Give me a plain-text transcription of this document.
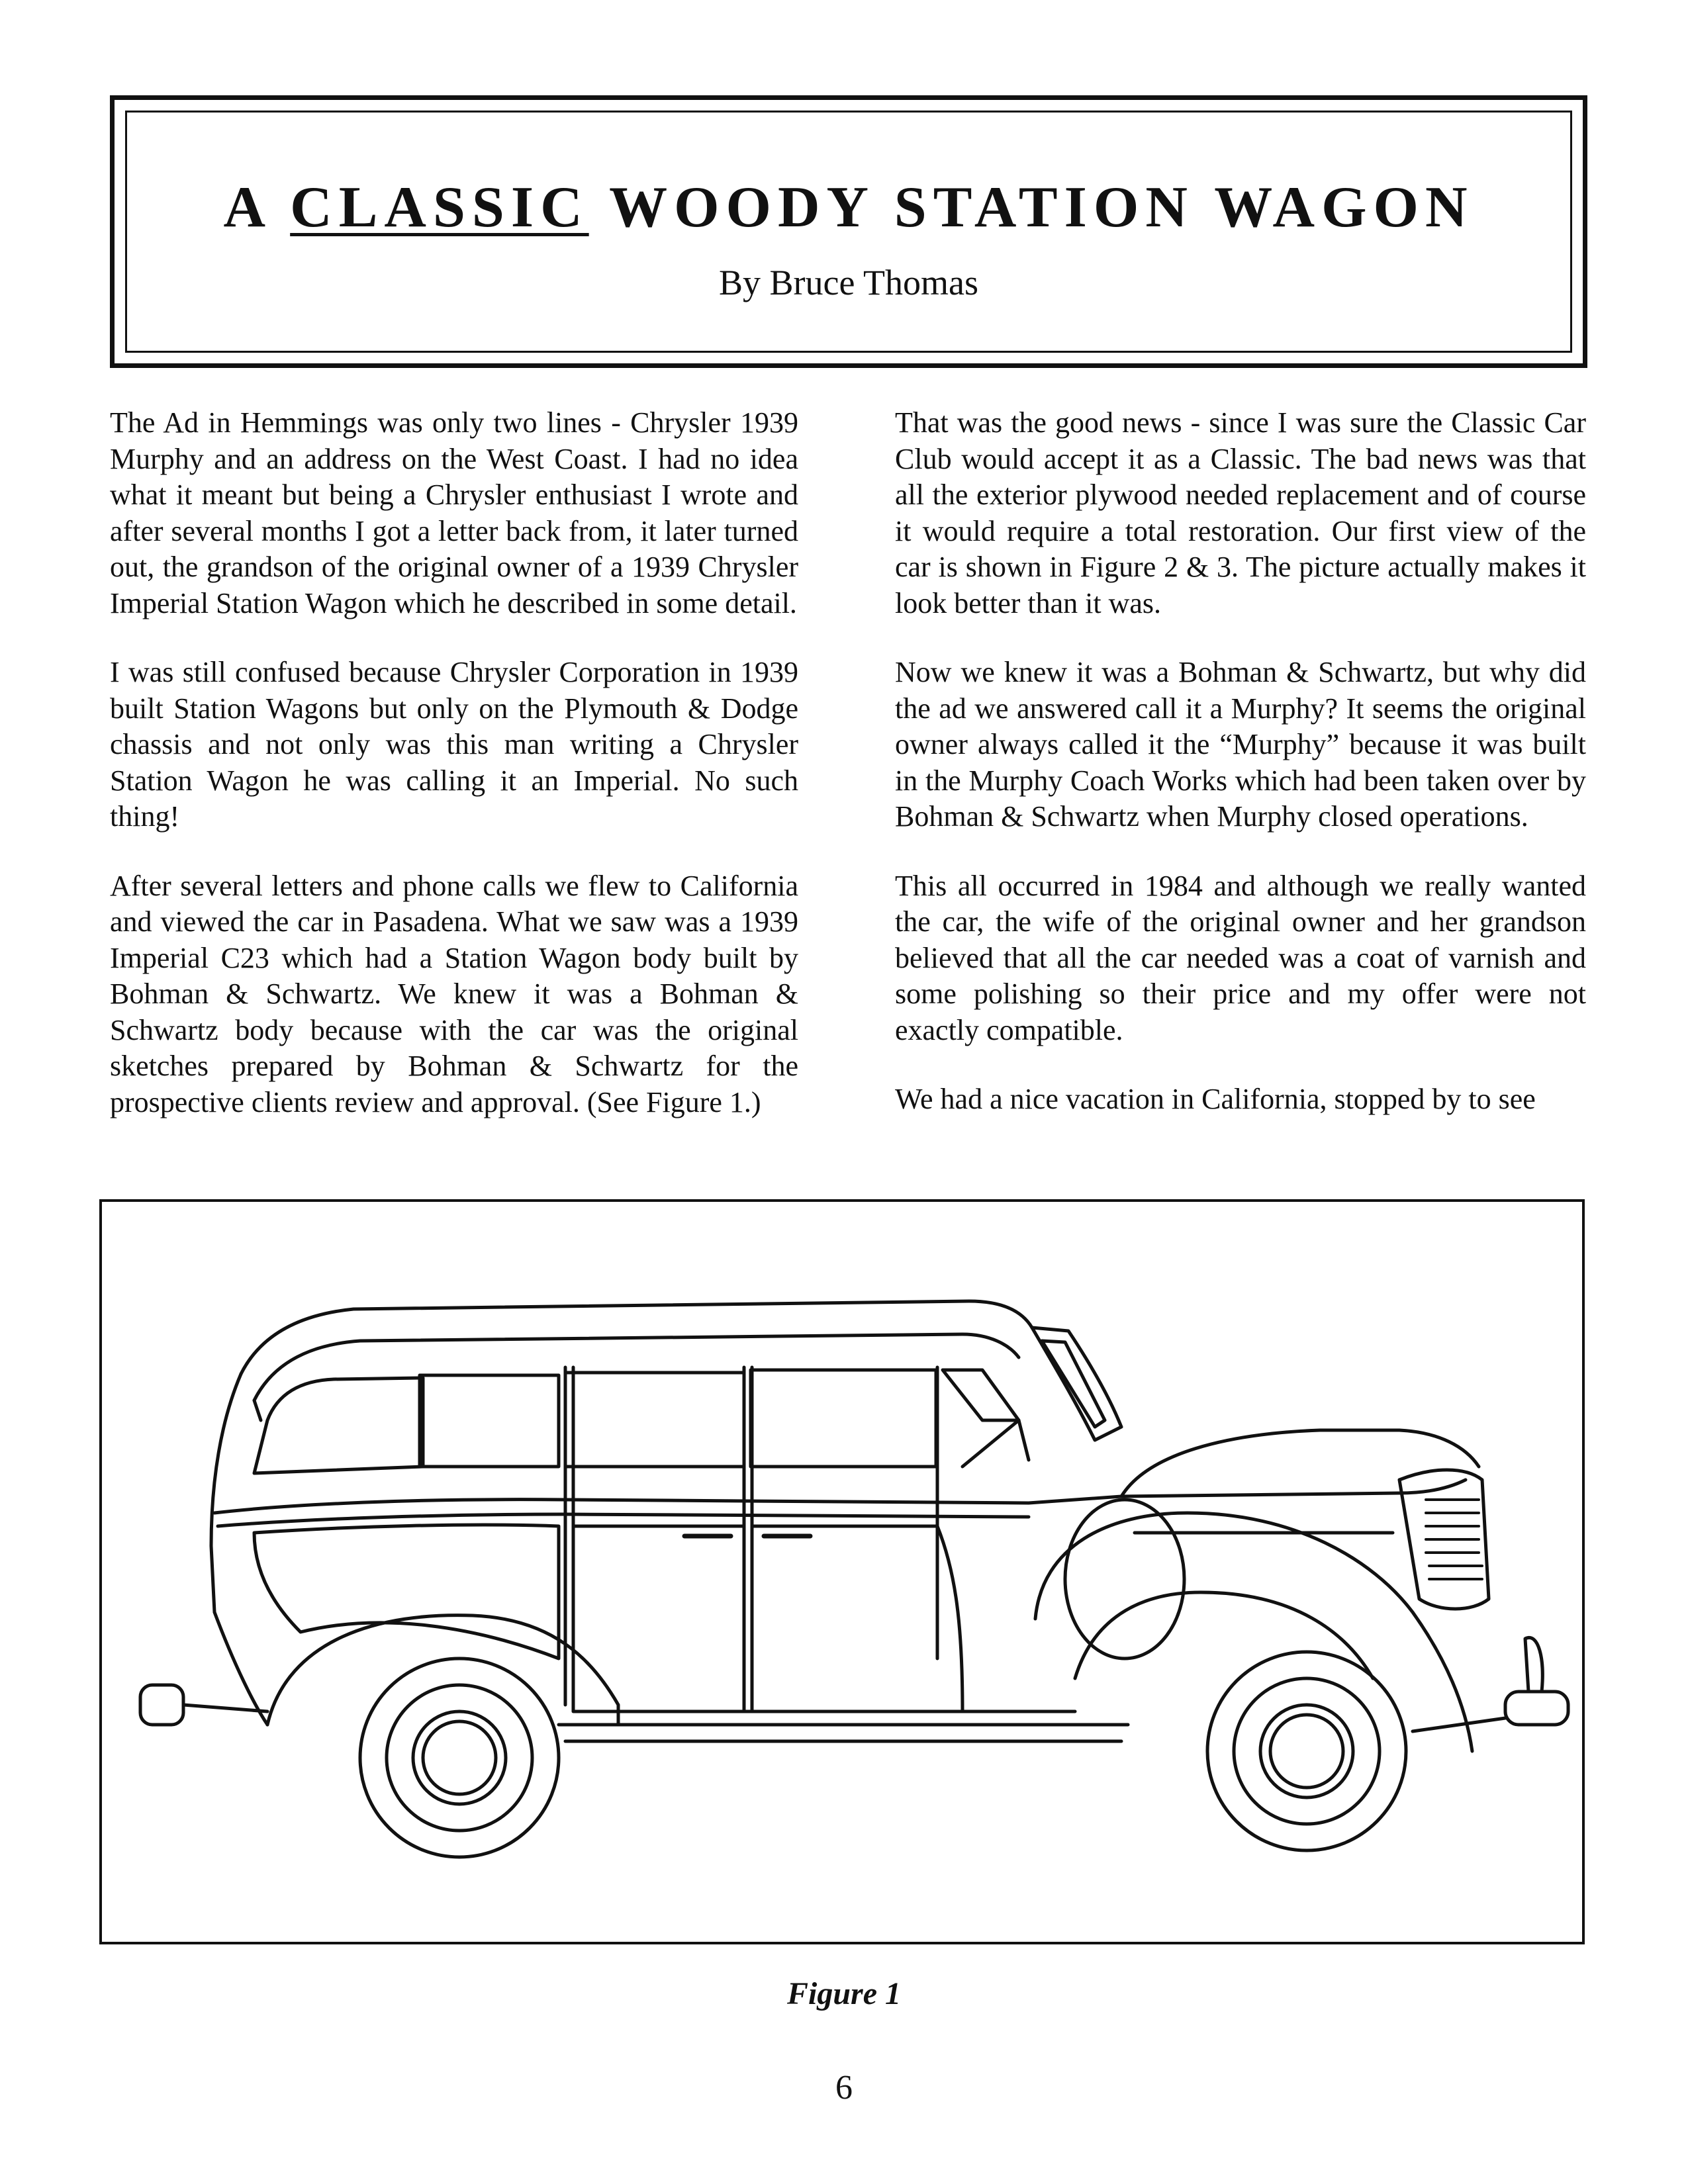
A CLASSIC WOODY STATION WAGON
By Bruce Thomas

The Ad in Hemmings was only two lines - Chrysler 1939 Murphy and an address on the West Coast. I had no idea what it meant but being a Chrysler enthusiast I wrote and after several months I got a letter back from, it later turned out, the grandson of the original owner of a 1939 Chrysler Imperial Station Wagon which he described in some detail.

I was still confused because Chrysler Corporation in 1939 built Station Wagons but only on the Plymouth & Dodge chassis and not only was this man writing a Chrysler Station Wagon he was calling it an Imperial. No such thing!

After several letters and phone calls we flew to California and viewed the car in Pasadena. What we saw was a 1939 Imperial C23 which had a Station Wagon body built by Bohman & Schwartz. We knew it was a Bohman & Schwartz body because with the car was the original sketches prepared by Bohman & Schwartz for the prospective clients review and approval. (See Figure 1.)

That was the good news - since I was sure the Classic Car Club would accept it as a Classic. The bad news was that all the exterior plywood needed replacement and of course it would require a total restoration. Our first view of the car is shown in Figure 2 & 3. The picture actually makes it look better than it was.

Now we knew it was a Bohman & Schwartz, but why did the ad we answered call it a Murphy? It seems the original owner always called it the “Murphy” because it was built in the Murphy Coach Works which had been taken over by Bohman & Schwartz when Murphy closed operations.

This all occurred in 1984 and although we really wanted the car, the wife of the original owner and her grandson believed that all the car needed was a coat of varnish and some polishing so their price and my offer were not exactly compatible.

We had a nice vacation in California, stopped by to see

Figure 1
6
